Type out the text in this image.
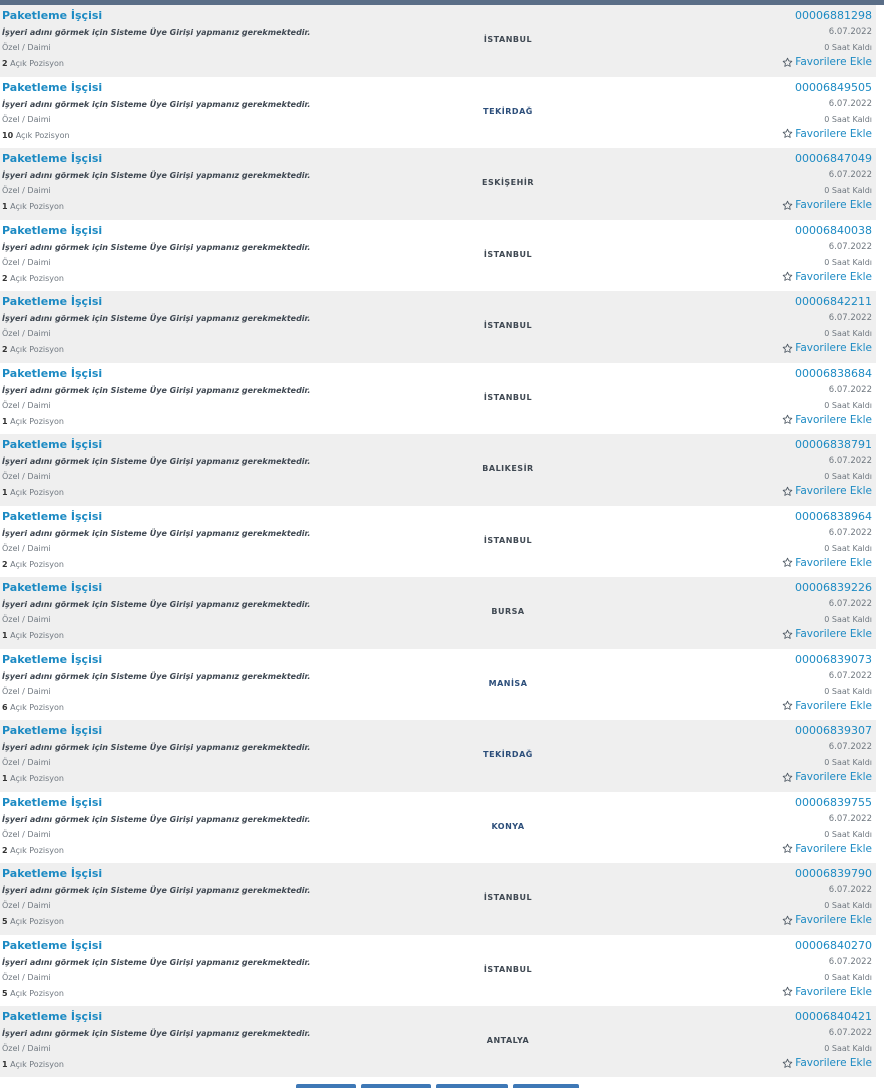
Paketleme İşçisi
İşyeri adını görmek için Sisteme Üye Girişi yapmanız gerekmektedir.
Özel / Daimi
2 Açık Pozisyon
İSTANBUL
00006881298
6.07.2022
0 Saat Kaldı
Favorilere Ekle
Paketleme İşçisi
İşyeri adını görmek için Sisteme Üye Girişi yapmanız gerekmektedir.
Özel / Daimi
10 Açık Pozisyon
TEKİRDAĞ
00006849505
6.07.2022
0 Saat Kaldı
Favorilere Ekle
Paketleme İşçisi
İşyeri adını görmek için Sisteme Üye Girişi yapmanız gerekmektedir.
Özel / Daimi
1 Açık Pozisyon
ESKİŞEHİR
00006847049
6.07.2022
0 Saat Kaldı
Favorilere Ekle
Paketleme İşçisi
İşyeri adını görmek için Sisteme Üye Girişi yapmanız gerekmektedir.
Özel / Daimi
2 Açık Pozisyon
İSTANBUL
00006840038
6.07.2022
0 Saat Kaldı
Favorilere Ekle
Paketleme İşçisi
İşyeri adını görmek için Sisteme Üye Girişi yapmanız gerekmektedir.
Özel / Daimi
2 Açık Pozisyon
İSTANBUL
00006842211
6.07.2022
0 Saat Kaldı
Favorilere Ekle
Paketleme İşçisi
İşyeri adını görmek için Sisteme Üye Girişi yapmanız gerekmektedir.
Özel / Daimi
1 Açık Pozisyon
İSTANBUL
00006838684
6.07.2022
0 Saat Kaldı
Favorilere Ekle
Paketleme İşçisi
İşyeri adını görmek için Sisteme Üye Girişi yapmanız gerekmektedir.
Özel / Daimi
1 Açık Pozisyon
BALIKESİR
00006838791
6.07.2022
0 Saat Kaldı
Favorilere Ekle
Paketleme İşçisi
İşyeri adını görmek için Sisteme Üye Girişi yapmanız gerekmektedir.
Özel / Daimi
2 Açık Pozisyon
İSTANBUL
00006838964
6.07.2022
0 Saat Kaldı
Favorilere Ekle
Paketleme İşçisi
İşyeri adını görmek için Sisteme Üye Girişi yapmanız gerekmektedir.
Özel / Daimi
1 Açık Pozisyon
BURSA
00006839226
6.07.2022
0 Saat Kaldı
Favorilere Ekle
Paketleme İşçisi
İşyeri adını görmek için Sisteme Üye Girişi yapmanız gerekmektedir.
Özel / Daimi
6 Açık Pozisyon
MANİSA
00006839073
6.07.2022
0 Saat Kaldı
Favorilere Ekle
Paketleme İşçisi
İşyeri adını görmek için Sisteme Üye Girişi yapmanız gerekmektedir.
Özel / Daimi
1 Açık Pozisyon
TEKİRDAĞ
00006839307
6.07.2022
0 Saat Kaldı
Favorilere Ekle
Paketleme İşçisi
İşyeri adını görmek için Sisteme Üye Girişi yapmanız gerekmektedir.
Özel / Daimi
2 Açık Pozisyon
KONYA
00006839755
6.07.2022
0 Saat Kaldı
Favorilere Ekle
Paketleme İşçisi
İşyeri adını görmek için Sisteme Üye Girişi yapmanız gerekmektedir.
Özel / Daimi
5 Açık Pozisyon
İSTANBUL
00006839790
6.07.2022
0 Saat Kaldı
Favorilere Ekle
Paketleme İşçisi
İşyeri adını görmek için Sisteme Üye Girişi yapmanız gerekmektedir.
Özel / Daimi
5 Açık Pozisyon
İSTANBUL
00006840270
6.07.2022
0 Saat Kaldı
Favorilere Ekle
Paketleme İşçisi
İşyeri adını görmek için Sisteme Üye Girişi yapmanız gerekmektedir.
Özel / Daimi
1 Açık Pozisyon
ANTALYA
00006840421
6.07.2022
0 Saat Kaldı
Favorilere Ekle
